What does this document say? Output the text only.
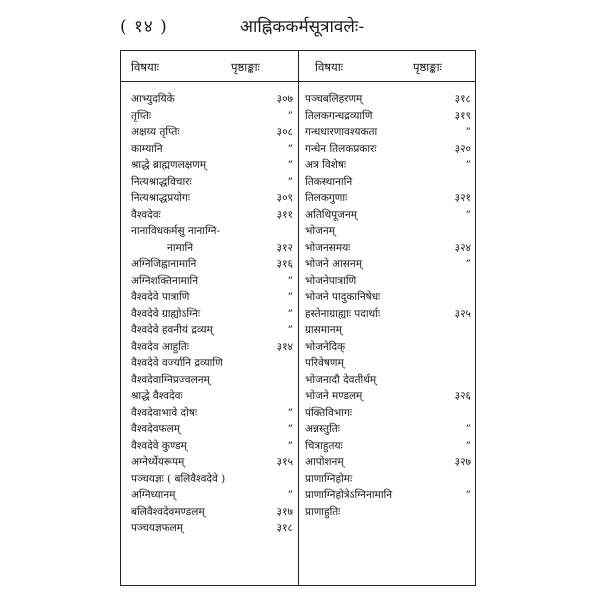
( १४ )	आह्निककर्मसूत्रावलेः-
विषयाः	पृष्ठाङ्काः	विषयाः	पृष्ठाङ्काः
आभ्युदयिके	३०७
तृप्तिः	”
अक्षय्य तृप्तिः	३०८
काम्यानि	”
श्राद्धे ब्राह्मणलक्षणम्	”
नित्यश्राद्धविचारः	”
नित्यश्राद्धप्रयोगः	३०९
वैश्वदेवः	३११
नानाविधकर्मसु नानाग्नि-
नामानि	३१२
अग्निजिह्वानामानि	३१६
अग्निशक्तिनामानि	”
वैश्वदेवे पात्राणि	”
वैश्वदेवे ग्राह्योऽग्निः	”
वैश्वदेवे हवनीयं द्रव्यम्	”
वैश्वदेव आहुतिः	३१४
वैश्वदेवे वर्ज्यानि द्रव्याणि
वैश्वदेवाग्निप्रज्वलनम्
श्राद्धे वैश्वदेवः
वैश्वदेवाभावे दोषः	”
वैश्वदेवफलम्	”
वैश्वदेवे कुण्डम्	”
अग्नेर्ध्येयरूपम्	३१५
पञ्चयज्ञः ( बलिवैश्वदेवे )
अग्निध्यानम्	”
बलिवैश्वदेवमण्डलम्	३१७
पञ्चयज्ञफलम्	३१८
पञ्चबलिहरणम्	३१८
तिलकगन्धद्रव्याणि	३१९
गन्धधारणावश्यकता	”
गन्धेन तिलकप्रकारः	३२०
अत्र विशेषः	”
तिकस्थानानि
तिलकगुणाः	३२१
अतिथिपूजनम्	”
भोजनम्
भोजनसमयः	३२४
भोजने आसनम्	”
भोजनेपात्राणि
भोजने पादुकानिषेधः
हस्तेनाग्राह्याः पदार्थाः	३२५
ग्रासमानम्
भोजनेदिक्
परिवेषणम्
भोजनादौ देवतीर्थम्
भोजने मण्डलम्	३२६
पंक्तिविभागः
अन्नस्तुतिः	”
चित्राहुतयः	”
आपोशनम्	३२७
प्राणाग्निहोमः
प्राणाग्निहोत्रेऽग्निनामानि	”
प्राणाहुतिः
